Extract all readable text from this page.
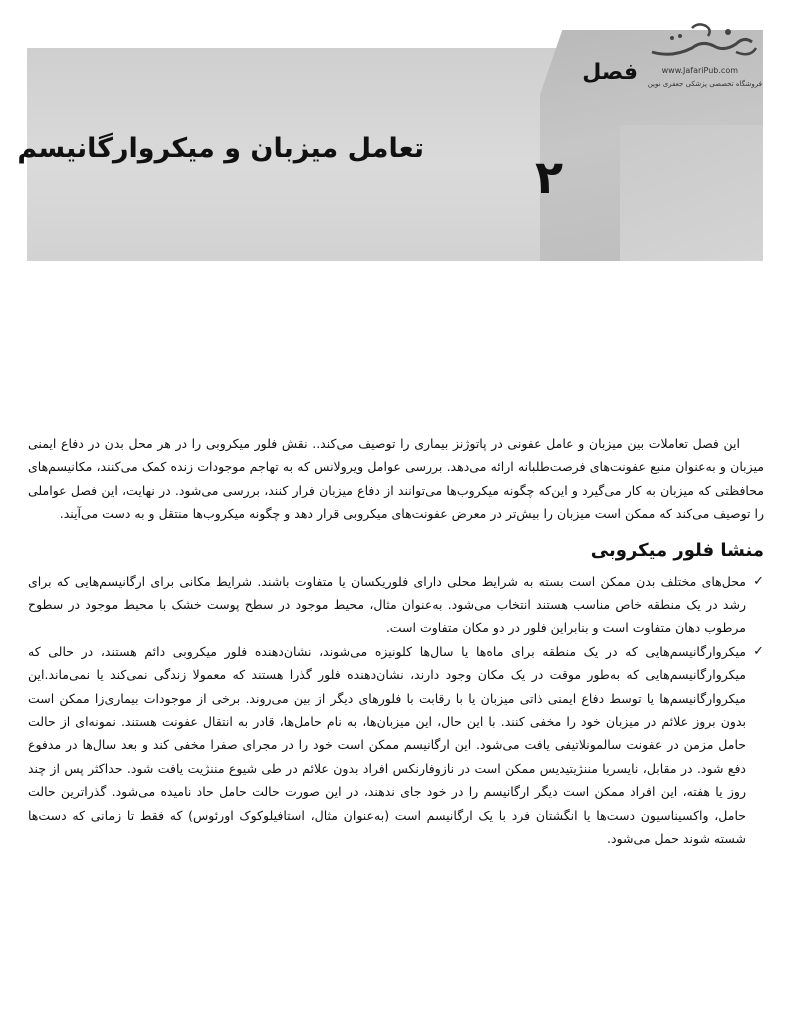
فصل
۲
تعامل میزبان و میکروارگانیسم
www.JafariPub.com
فروشگاه تخصصی پزشکی جعفری نوین

این فصل تعاملات بین میزبان و عامل عفونی در پاتوژنز بیماری را توصیف می‌کند.. نقش فلور میکروبی را در هر محل بدن در دفاع ایمنی میزبان و به‌عنوان منبع عفونت‌های فرصت‌طلبانه ارائه می‌دهد. بررسی عوامل ویرولانس که به تهاجم موجودات زنده کمک می‌کنند، مکانیسم‌های محافظتی که میزبان به کار می‌گیرد و این‌که چگونه میکروب‌ها می‌توانند از دفاع میزبان فرار کنند، بررسی می‌شود. در نهایت، این فصل عواملی را توصیف می‌کند که ممکن است میزبان را بیش‌تر در معرض عفونت‌های میکروبی قرار دهد و چگونه میکروب‌ها منتقل و به دست می‌آیند.

منشا فلور میکروبی
✓
محل‌های مختلف بدن ممکن است بسته به شرایط محلی دارای فلوریکسان یا متفاوت باشند. شرایط مکانی برای ارگانیسم‌هایی که برای رشد در یک منطقه خاص مناسب هستند انتخاب می‌شود. به‌عنوان مثال، محیط موجود در سطح پوست خشک با محیط موجود در سطوح مرطوب دهان متفاوت است و بنابراین فلور در دو مکان متفاوت است.
✓
میکروارگانیسم‌هایی که در یک منطقه برای ماه‌ها یا سال‌ها کلونیزه می‌شوند، نشان‌دهنده فلور میکروبی دائم هستند، در حالی که میکروارگانیسم‌هایی که به‌طور موقت در یک مکان وجود دارند، نشان‌دهنده فلور گذرا هستند که معمولا زندگی نمی‌کند یا نمی‌ماند.این میکروارگانیسم‌ها یا توسط دفاع ایمنی ذاتی میزبان یا با رقابت با فلورهای دیگر از بین می‌روند. برخی از موجودات بیماری‌زا ممکن است بدون بروز علائم در میزبان خود را مخفی کنند. با این حال، این میزبان‌ها، به نام حامل‌ها، قادر به انتقال عفونت هستند. نمونه‌ای از حالت حامل مزمن در عفونت سالمونلاتیفی یافت می‌شود. این ارگانیسم ممکن است خود را در مجرای صفرا مخفی کند و بعد سال‌ها در مدفوع دفع شود. در مقابل، نایسریا مننژیتیدیس ممکن است در نازوفارنکس افراد بدون علائم در طی شیوع مننژیت یافت شود. حداکثر پس از چند روز یا هفته، این افراد ممکن است دیگر ارگانیسم را در خود جای ندهند، در این صورت حالت حامل حاد نامیده می‌شود. گذراترین حالت حامل، واکسیناسیون دست‌ها یا انگشتان فرد با یک ارگانیسم است (به‌عنوان مثال، استافیلوکوک اورئوس) که فقط تا زمانی که دست‌ها شسته شوند حمل می‌شود.
